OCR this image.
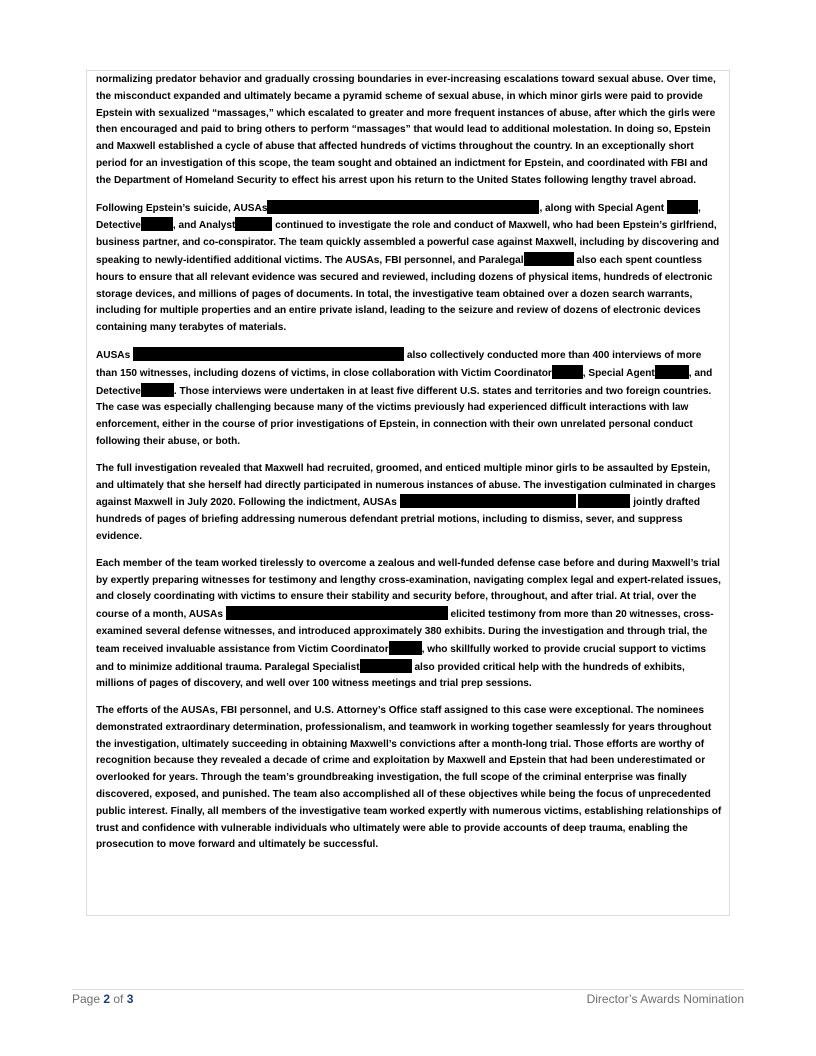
normalizing predator behavior and gradually crossing boundaries in ever-increasing escalations toward sexual abuse. Over time, the misconduct expanded and ultimately became a pyramid scheme of sexual abuse, in which minor girls were paid to provide Epstein with sexualized “massages,” which escalated to greater and more frequent instances of abuse, after which the girls were then encouraged and paid to bring others to perform “massages” that would lead to additional molestation. In doing so, Epstein and Maxwell established a cycle of abuse that affected hundreds of victims throughout the country. In an exceptionally short period for an investigation of this scope, the team sought and obtained an indictment for Epstein, and coordinated with FBI and the Department of Homeland Security to effect his arrest upon his return to the United States following lengthy travel abroad.

Following Epstein’s suicide, AUSAs	, along with Special Agent	, Detective	, and Analyst	continued to investigate the role and conduct of Maxwell, who had been Epstein’s girlfriend, business partner, and co-conspirator. The team quickly assembled a powerful case against Maxwell, including by discovering and speaking to newly-identified additional victims. The AUSAs, FBI personnel, and Paralegal	also each spent countless hours to ensure that all relevant evidence was secured and reviewed, including dozens of physical items, hundreds of electronic storage devices, and millions of pages of documents. In total, the investigative team obtained over a dozen search warrants, including for multiple properties and an entire private island, leading to the seizure and review of dozens of electronic devices containing many terabytes of materials.

AUSAs	also collectively conducted more than 400 interviews of more than 150 witnesses, including dozens of victims, in close collaboration with Victim Coordinator	, Special Agent	, and Detective	. Those interviews were undertaken in at least five different U.S. states and territories and two foreign countries. The case was especially challenging because many of the victims previously had experienced difficult interactions with law enforcement, either in the course of prior investigations of Epstein, in connection with their own unrelated personal conduct following their abuse, or both.

The full investigation revealed that Maxwell had recruited, groomed, and enticed multiple minor girls to be assaulted by Epstein, and ultimately that she herself had directly participated in numerous instances of abuse. The investigation culminated in charges against Maxwell in July 2020. Following the indictment, AUSAs	jointly drafted hundreds of pages of briefing addressing numerous defendant pretrial motions, including to dismiss, sever, and suppress evidence.

Each member of the team worked tirelessly to overcome a zealous and well-funded defense case before and during Maxwell’s trial by expertly preparing witnesses for testimony and lengthy cross-examination, navigating complex legal and expert-related issues, and closely coordinating with victims to ensure their stability and security before, throughout, and after trial. At trial, over the course of a month, AUSAs	elicited testimony from more than 20 witnesses, cross-examined several defense witnesses, and introduced approximately 380 exhibits. During the investigation and through trial, the team received invaluable assistance from Victim Coordinator	, who skillfully worked to provide crucial support to victims and to minimize additional trauma. Paralegal Specialist	also provided critical help with the hundreds of exhibits, millions of pages of discovery, and well over 100 witness meetings and trial prep sessions.

The efforts of the AUSAs, FBI personnel, and U.S. Attorney’s Office staff assigned to this case were exceptional. The nominees demonstrated extraordinary determination, professionalism, and teamwork in working together seamlessly for years throughout the investigation, ultimately succeeding in obtaining Maxwell’s convictions after a month-long trial. Those efforts are worthy of recognition because they revealed a decade of crime and exploitation by Maxwell and Epstein that had been underestimated or overlooked for years. Through the team’s groundbreaking investigation, the full scope of the criminal enterprise was finally discovered, exposed, and punished. The team also accomplished all of these objectives while being the focus of unprecedented public interest. Finally, all members of the investigative team worked expertly with numerous victims, establishing relationships of trust and confidence with vulnerable individuals who ultimately were able to provide accounts of deep trauma, enabling the prosecution to move forward and ultimately be successful.

Page 2 of 3	Director’s Awards Nomination
